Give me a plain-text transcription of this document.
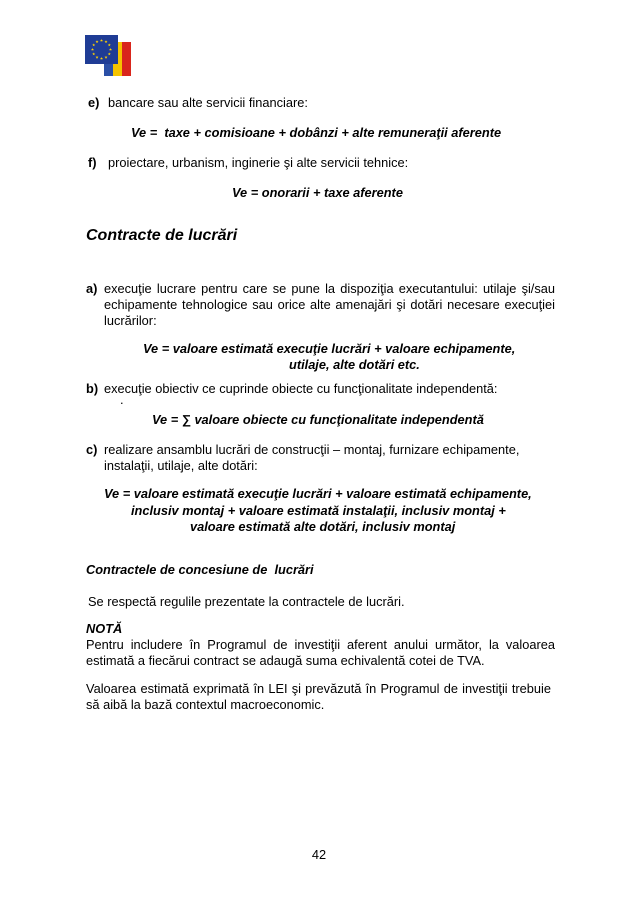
e) bancare sau alte servicii financiare:
Ve =  taxe + comisioane + dobânzi + alte remuneraţii aferente
f) proiectare, urbanism, inginerie şi alte servicii tehnice:
Ve = onorarii + taxe aferente
Contracte de lucrări
a) execuţie lucrare pentru care se pune la dispoziţia executantului: utilaje şi/sau
echipamente tehnologice sau orice alte amenajări şi dotări necesare execuţiei
lucrărilor:
Ve = valoare estimată execuţie lucrări + valoare echipamente,
utilaje, alte dotări etc.
b) execuţie obiectiv ce cuprinde obiecte cu funcţionalitate independentă:
.
Ve = ∑ valoare obiecte cu funcţionalitate independentă
c) realizare ansamblu lucrări de construcţii – montaj, furnizare echipamente,
instalaţii, utilaje, alte dotări:
Ve = valoare estimată execuţie lucrări + valoare estimată echipamente,
inclusiv montaj + valoare estimată instalaţii, inclusiv montaj +
valoare estimată alte dotări, inclusiv montaj
Contractele de concesiune de  lucrări
Se respectă regulile prezentate la contractele de lucrări.
NOTĂ
Pentru includere în Programul de investiţii aferent anului următor, la valoarea
estimată a fiecărui contract se adaugă suma echivalentă cotei de TVA.
Valoarea estimată exprimată în LEI şi prevăzută în Programul de investiţii trebuie
să aibă la bază contextul macroeconomic.
42
